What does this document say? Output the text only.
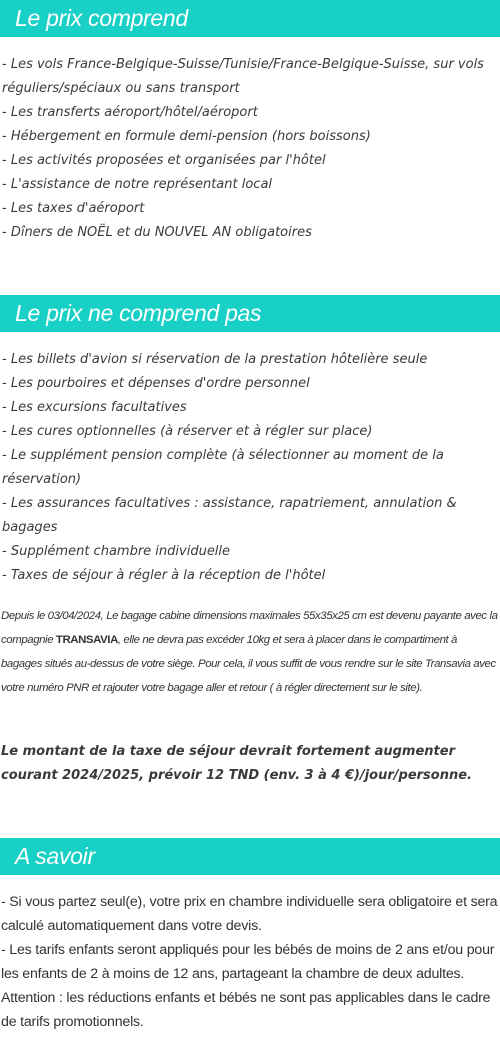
Le prix comprend
- Les vols France-Belgique-Suisse/Tunisie/France-Belgique-Suisse, sur vols réguliers/spéciaux ou sans transport
- Les transferts aéroport/hôtel/aéroport
- Hébergement en formule demi-pension (hors boissons)
- Les activités proposées et organisées par l'hôtel
- L'assistance de notre représentant local
- Les taxes d'aéroport
- Dîners de NOËL et du NOUVEL AN obligatoires
Le prix ne comprend pas
- Les billets d'avion si réservation de la prestation hôtelière seule
- Les pourboires et dépenses d'ordre personnel
- Les excursions facultatives
- Les cures optionnelles (à réserver et à régler sur place)
- Le supplément pension complète (à sélectionner au moment de la réservation)
- Les assurances facultatives : assistance, rapatriement, annulation & bagages
- Supplément chambre individuelle
- Taxes de séjour à régler à la réception de l'hôtel

Depuis le 03/04/2024, Le bagage cabine dimensions maximales 55x35x25 cm est devenu payante avec la compagnie TRANSAVIA, elle ne devra pas excéder 10kg et sera à placer dans le compartiment à bagages situés au-dessus de votre siège. Pour cela, il vous suffit de vous rendre sur le site Transavia avec votre numéro PNR et rajouter votre bagage aller et retour ( à régler directement sur le site).

Le montant de la taxe de séjour devrait fortement augmenter courant 2024/2025, prévoir 12 TND (env. 3 à 4 €)/jour/personne.

A savoir

- Si vous partez seul(e), votre prix en chambre individuelle sera obligatoire et sera calculé automatiquement dans votre devis.

- Les tarifs enfants seront appliqués pour les bébés de moins de 2 ans et/ou pour les enfants de 2 à moins de 12 ans, partageant la chambre de deux adultes. Attention : les réductions enfants et bébés ne sont pas applicables dans le cadre de tarifs promotionnels.
